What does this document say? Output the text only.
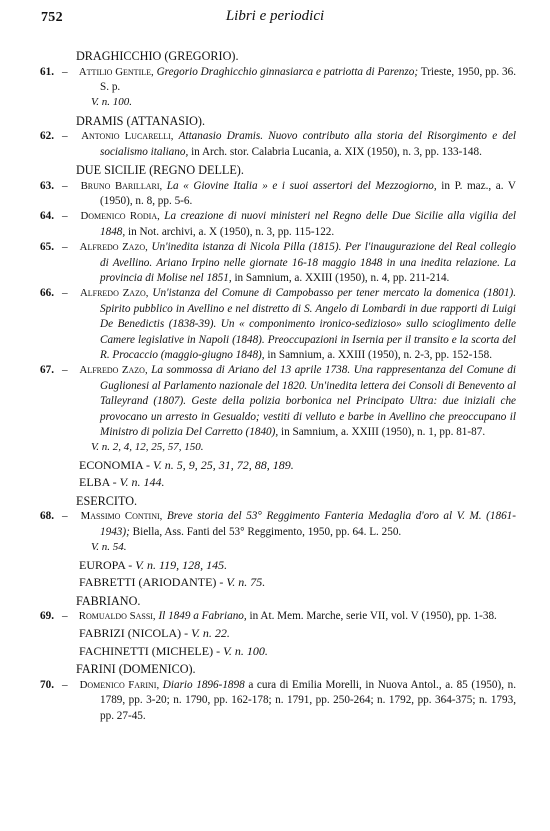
752	Libri e periodici
DRAGHICCHIO (GREGORIO).

61. – Attilio Gentile, Gregorio Draghicchio ginnasiarca e patriotta di Parenzo; Trieste, 1950, pp. 36. S. p.

V. n. 100.
DRAMIS (ATTANASIO).

62. – Antonio Lucarelli, Attanasio Dramis. Nuovo contributo alla storia del Risorgimento e del socialismo italiano, in Arch. stor. Calabria Lucania, a. XIX (1950), n. 3, pp. 133-148.

DUE SICILIE (REGNO DELLE).

63. – Bruno Barillari, La « Giovine Italia » e i suoi assertori del Mezzogiorno, in P. maz., a. V (1950), n. 8, pp. 5-6.

64. – Domenico Rodia, La creazione di nuovi ministeri nel Regno delle Due Sicilie alla vigilia del 1848, in Not. archivi, a. X (1950), n. 3, pp. 115-122.

65. – Alfredo Zazo, Un'inedita istanza di Nicola Pilla (1815). Per l'inaugurazione del Real collegio di Avellino. Ariano Irpino nelle giornate 16-18 maggio 1848 in una inedita relazione. La provincia di Molise nel 1851, in Samnium, a. XXIII (1950), n. 4, pp. 211-214.

66. – Alfredo Zazo, Un'istanza del Comune di Campobasso per tener mercato la domenica (1801). Spirito pubblico in Avellino e nel distretto di S. Angelo di Lombardi in due rapporti di Luigi De Benedictis (1838-39). Un « componimento ironico-sedizioso» sullo scioglimento delle Camere legislative in Napoli (1848). Preoccupazioni in Isernia per il transito e la scorta del R. Procaccio (maggio-giugno 1848), in Samnium, a. XXIII (1950), n. 2-3, pp. 152-158.

67. – Alfredo Zazo, La sommossa di Ariano del 13 aprile 1738. Una rappresentanza del Comune di Guglionesi al Parlamento nazionale del 1820. Un'inedita lettera dei Consoli di Benevento al Talleyrand (1807). Geste della polizia borbonica nel Principato Ultra: due iniziali che provocano un arresto in Gesualdo; vestiti di velluto e barbe in Avellino che preoccupano il Ministro di polizia Del Carretto (1840), in Samnium, a. XXIII (1950), n. 1, pp. 81-87.

V. n. 2, 4, 12, 25, 57, 150.
ECONOMIA - V. n. 5, 9, 25, 31, 72, 88, 189.
ELBA - V. n. 144.
ESERCITO.

68. – Massimo Contini, Breve storia del 53° Reggimento Fanteria Medaglia d'oro al V. M. (1861-1943); Biella, Ass. Fanti del 53° Reggimento, 1950, pp. 64. L. 250.

V. n. 54.
EUROPA - V. n. 119, 128, 145.
FABRETTI (ARIODANTE) - V. n. 75.
FABRIANO.

69. – Romualdo Sassi, Il 1849 a Fabriano, in At. Mem. Marche, serie VII, vol. V (1950), pp. 1-38.

FABRIZI (NICOLA) - V. n. 22.
FACHINETTI (MICHELE) - V. n. 100.
FARINI (DOMENICO).

70. – Domenico Farini, Diario 1896-1898 a cura di Emilia Morelli, in Nuova Antol., a. 85 (1950), n. 1789, pp. 3-20; n. 1790, pp. 162-178; n. 1791, pp. 250-264; n. 1792, pp. 364-375; n. 1793, pp. 27-45.
